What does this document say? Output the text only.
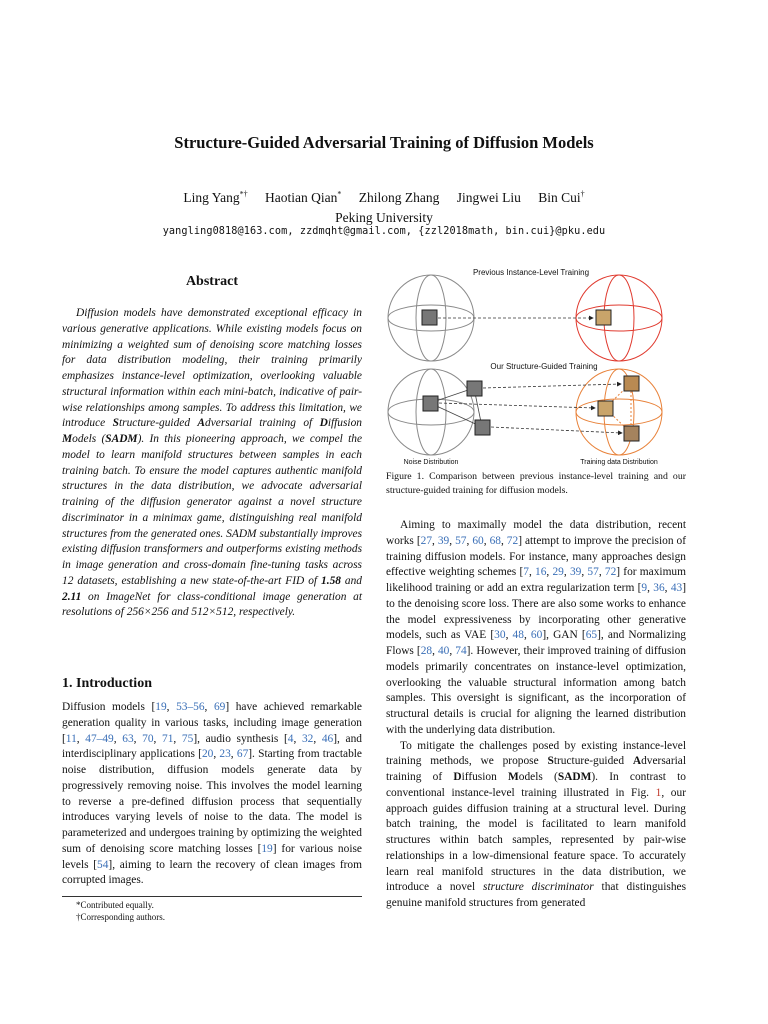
Structure-Guided Adversarial Training of Diffusion Models
Ling Yang*† Haotian Qian* Zhilong Zhang Jingwei Liu Bin Cui†
Peking University
yangling0818@163.com, zzdmqht@gmail.com, {zzl2018math, bin.cui}@pku.edu
Abstract

Diffusion models have demonstrated exceptional efficacy in various generative applications. While existing models focus on minimizing a weighted sum of denoising score matching losses for data distribution modeling, their training primarily emphasizes instance-level optimization, overlooking valuable structural information within each mini-batch, indicative of pair-wise relationships among samples. To address this limitation, we introduce Structure-guided Adversarial training of Diffusion Models (SADM). In this pioneering approach, we compel the model to learn manifold structures between samples in each training batch. To ensure the model captures authentic manifold structures in the data distribution, we advocate adversarial training of the diffusion generator against a novel structure discriminator in a minimax game, distinguishing real manifold structures from the generated ones. SADM substantially improves existing diffusion transformers and outperforms existing methods in image generation and cross-domain fine-tuning tasks across 12 datasets, establishing a new state-of-the-art FID of 1.58 and 2.11 on ImageNet for class-conditional image generation at resolutions of 256×256 and 512×512, respectively.

1. Introduction

Diffusion models [19, 53–56, 69] have achieved remarkable generation quality in various tasks, including image generation [11, 47–49, 63, 70, 71, 75], audio synthesis [4, 32, 46], and interdisciplinary applications [20, 23, 67]. Starting from tractable noise distribution, diffusion models generate data by progressively removing noise. This involves the model learning to reverse a pre-defined diffusion process that sequentially introduces varying levels of noise to the data. The model is parameterized and undergoes training by optimizing the weighted sum of denoising score matching losses [19] for various noise levels [54], aiming to learn the recovery of clean images from corrupted images.

*Contributed equally.
†Corresponding authors.
Previous Instance-Level Training
Our Structure-Guided Training
Noise Distribution	Training data Distribution
Figure 1. Comparison between previous instance-level training and our structure-guided training for diffusion models.

Aiming to maximally model the data distribution, recent works [27, 39, 57, 60, 68, 72] attempt to improve the precision of training diffusion models. For instance, many approaches design effective weighting schemes [7, 16, 29, 39, 57, 72] for maximum likelihood training or add an extra regularization term [9, 36, 43] to the denoising score loss. There are also some works to enhance the model expressiveness by incorporating other generative models, such as VAE [30, 48, 60], GAN [65], and Normalizing Flows [28, 40, 74]. However, their improved training of diffusion models primarily concentrates on instance-level optimization, overlooking the valuable structural information among batch samples. This oversight is significant, as the incorporation of structural details is crucial for aligning the learned distribution with the underlying data distribution.

To mitigate the challenges posed by existing instance-level training methods, we propose Structure-guided Adversarial training of Diffusion Models (SADM). In contrast to conventional instance-level training illustrated in Fig. 1, our approach guides diffusion training at a structural level. During batch training, the model is facilitated to learn manifold structures within batch samples, represented by pair-wise relationships in a low-dimensional feature space. To accurately learn real manifold structures in the data distribution, we introduce a novel structure discriminator that distinguishes genuine manifold structures from generated
